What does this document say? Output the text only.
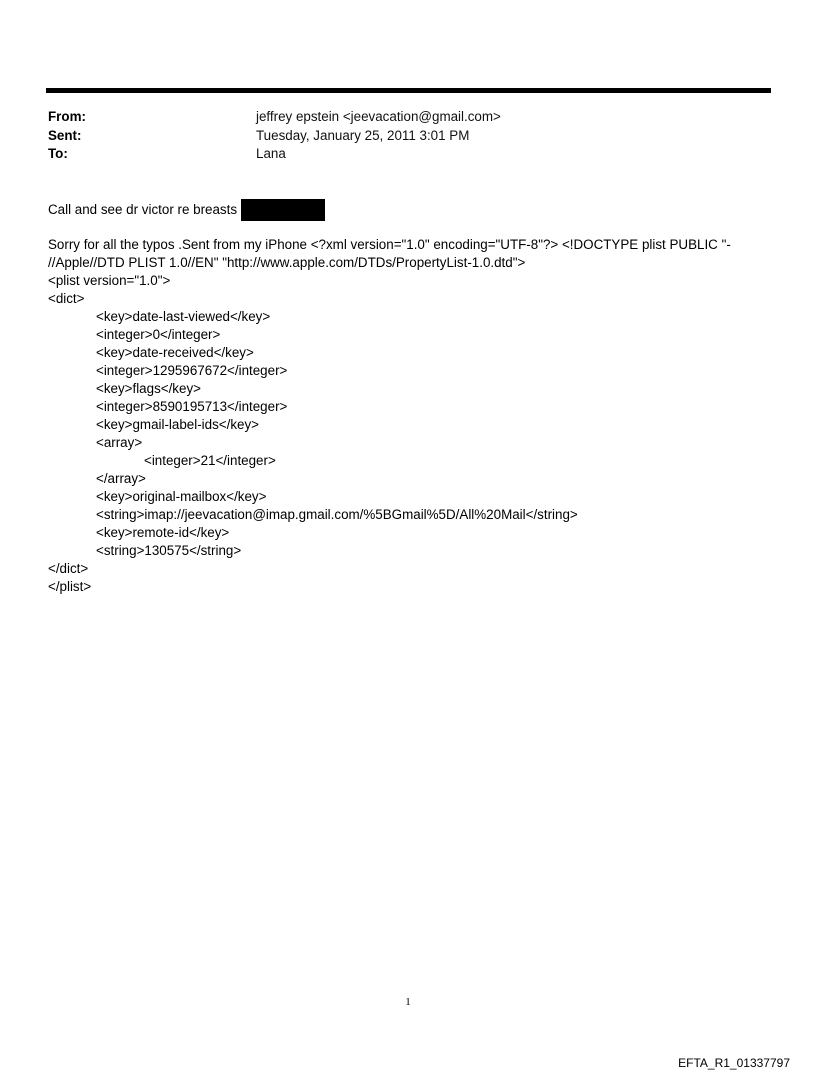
From:	jeffrey epstein <jeevacation@gmail.com>
Sent:	Tuesday, January 25, 2011 3:01 PM
To:	Lana
Call and see dr victor re breasts
Sorry for all the typos .Sent from my iPhone <?xml version="1.0" encoding="UTF-8"?> <!DOCTYPE plist PUBLIC "-
//Apple//DTD PLIST 1.0//EN" "http://www.apple.com/DTDs/PropertyList-1.0.dtd">
<plist version="1.0">
<dict>
<key>date-last-viewed</key>
<integer>0</integer>
<key>date-received</key>
<integer>1295967672</integer>
<key>flags</key>
<integer>8590195713</integer>
<key>gmail-label-ids</key>
<array>
<integer>21</integer>
</array>
<key>original-mailbox</key>
<string>imap://jeevacation@imap.gmail.com/%5BGmail%5D/All%20Mail</string>
<key>remote-id</key>
<string>130575</string>
</dict>
</plist>
1
EFTA_R1_01337797
